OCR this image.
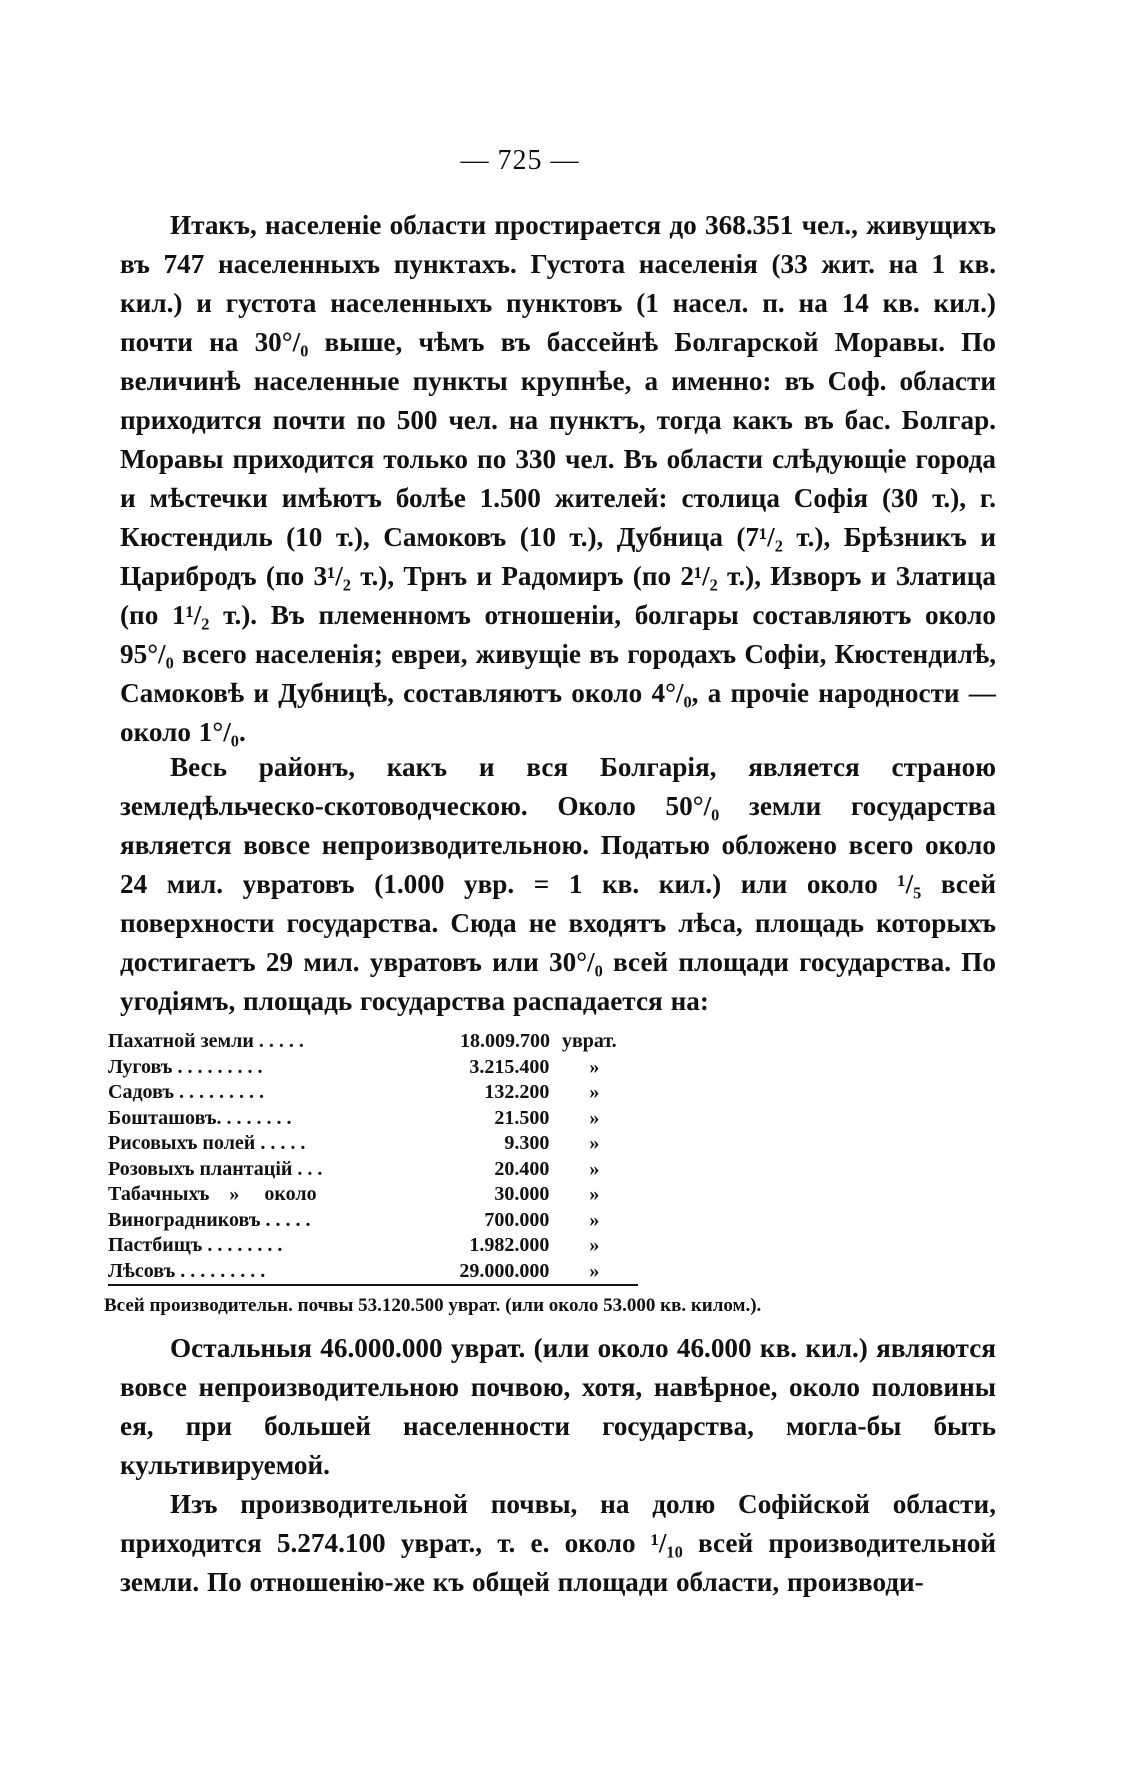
— 725 —

Итакъ, населеніе области простирается до 368.351 чел., живущихъ въ 747 населенныхъ пунктахъ. Густота населенія (33 жит. на 1 кв. кил.) и густота населенныхъ пунктовъ (1 насел. п. на 14 кв. кил.) почти на 30°/₀ выше, чѣмъ въ бассейнѣ Болгарской Моравы. По величинѣ населенные пункты крупнѣе, а именно: въ Соф. области приходится почти по 500 чел. на пунктъ, тогда какъ въ бас. Болгар. Моравы приходится только по 330 чел. Въ области слѣдующіе города и мѣстечки имѣютъ болѣе 1.500 жителей: столица Софія (30 т.), г. Кюстендиль (10 т.), Самоковъ (10 т.), Дубница (7¹/₂ т.), Брѣзникъ и Царибродъ (по 3¹/₂ т.), Трнъ и Радомиръ (по 2¹/₂ т.), Изворъ и Златица (по 1¹/₂ т.). Въ племенномъ отношеніи, болгары составляютъ около 95°/₀ всего населенія; евреи, живущіе въ городахъ Софіи, Кюстендилѣ, Самоковѣ и Дубницѣ, составляютъ около 4°/₀, а прочіе народности — около 1°/₀.

Весь районъ, какъ и вся Болгарія, является страною земледѣльческо-скотоводческою. Около 50°/₀ земли государства является вовсе непроизводительною. Податью обложено всего около 24 мил. увратовъ (1.000 увр. = 1 кв. кил.) или около ¹/₅ всей поверхности государства. Сюда не входятъ лѣса, площадь которыхъ достигаетъ 29 мил. увратовъ или 30°/₀ всей площади государства. По угодіямъ, площадь государства распадается на:

Пахатной земли . . . . .	18.009.700 уврат.
Луговъ . . . . . . . . .	3.215.400	»
Садовъ . . . . . . . . .	132.200	»
Бошташовъ. . . . . . . .	21.500	»
Рисовыхъ полей . . . . .	9.300	»
Розовыхъ плантацій . . .	20.400	»
Табачныхъ    »     около	30.000	»
Виноградниковъ . . . . .	700.000	»
Пастбищъ . . . . . . . .	1.982.000	»
Лѣсовъ . . . . . . . . .	29.000.000	»
Всей производительн. почвы 53.120.500 уврат. (или около 53.000 кв. килом.).

Остальныя 46.000.000 уврат. (или около 46.000 кв. кил.) являются вовсе непроизводительною почвою, хотя, навѣрное, около половины ея, при большей населенности государства, могла-бы быть культивируемой.

Изъ производительной почвы, на долю Софійской области, приходится 5.274.100 уврат., т. е. около ¹/₁₀ всей производительной земли. По отношенію-же къ общей площади области, производи-
